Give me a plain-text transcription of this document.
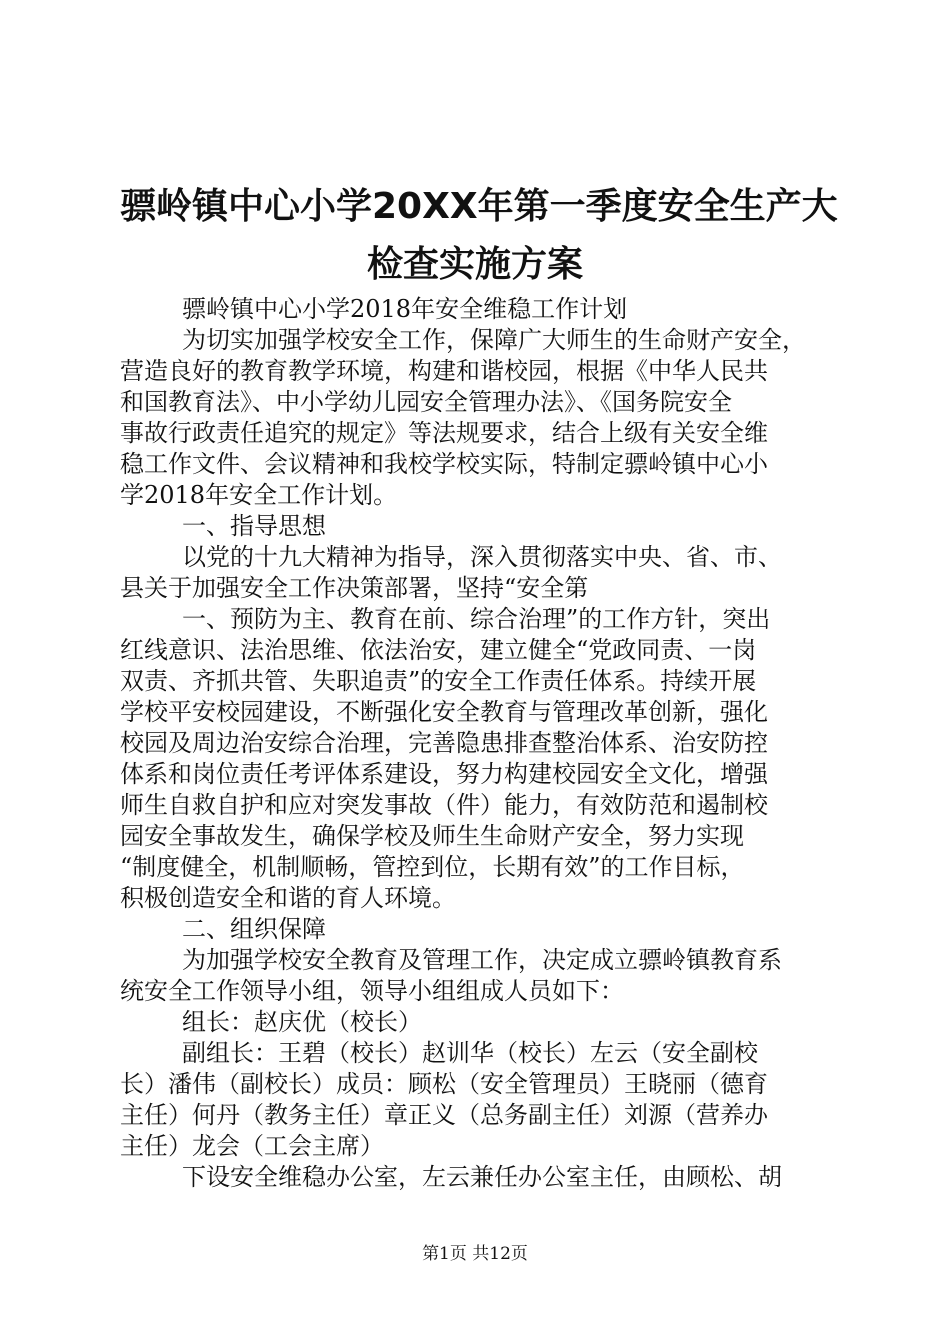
骠岭镇中心小学20XX年第一季度安全生产大
检查实施方案
骠岭镇中心小学2018年安全维稳工作计划
为切实加强学校安全工作，保障广大师生的生命财产安全，
营造良好的教育教学环境，构建和谐校园，根据《中华人民共
和国教育法》、中小学幼儿园安全管理办法》、《国务院安全
事故行政责任追究的规定》等法规要求，结合上级有关安全维
稳工作文件、会议精神和我校学校实际，特制定骠岭镇中心小
学2018年安全工作计划。
一、指导思想
以党的十九大精神为指导，深入贯彻落实中央、省、市、
县关于加强安全工作决策部署，坚持“安全第
一、预防为主、教育在前、综合治理”的工作方针，突出
红线意识、法治思维、依法治安，建立健全“党政同责、一岗
双责、齐抓共管、失职追责”的安全工作责任体系。持续开展
学校平安校园建设，不断强化安全教育与管理改革创新，强化
校园及周边治安综合治理，完善隐患排查整治体系、治安防控
体系和岗位责任考评体系建设，努力构建校园安全文化，增强
师生自救自护和应对突发事故（件）能力，有效防范和遏制校
园安全事故发生，确保学校及师生生命财产安全，努力实现
“制度健全，机制顺畅，管控到位，长期有效”的工作目标，
积极创造安全和谐的育人环境。
二、组织保障
为加强学校安全教育及管理工作，决定成立骠岭镇教育系
统安全工作领导小组，领导小组组成人员如下：
组长：赵庆优（校长）
副组长：王碧（校长）赵训华（校长）左云（安全副校
长）潘伟（副校长）成员：顾松（安全管理员）王晓丽（德育
主任）何丹（教务主任）章正义（总务副主任）刘源（营养办
主任）龙会（工会主席）
下设安全维稳办公室，左云兼任办公室主任，由顾松、胡
第1页 共12页
